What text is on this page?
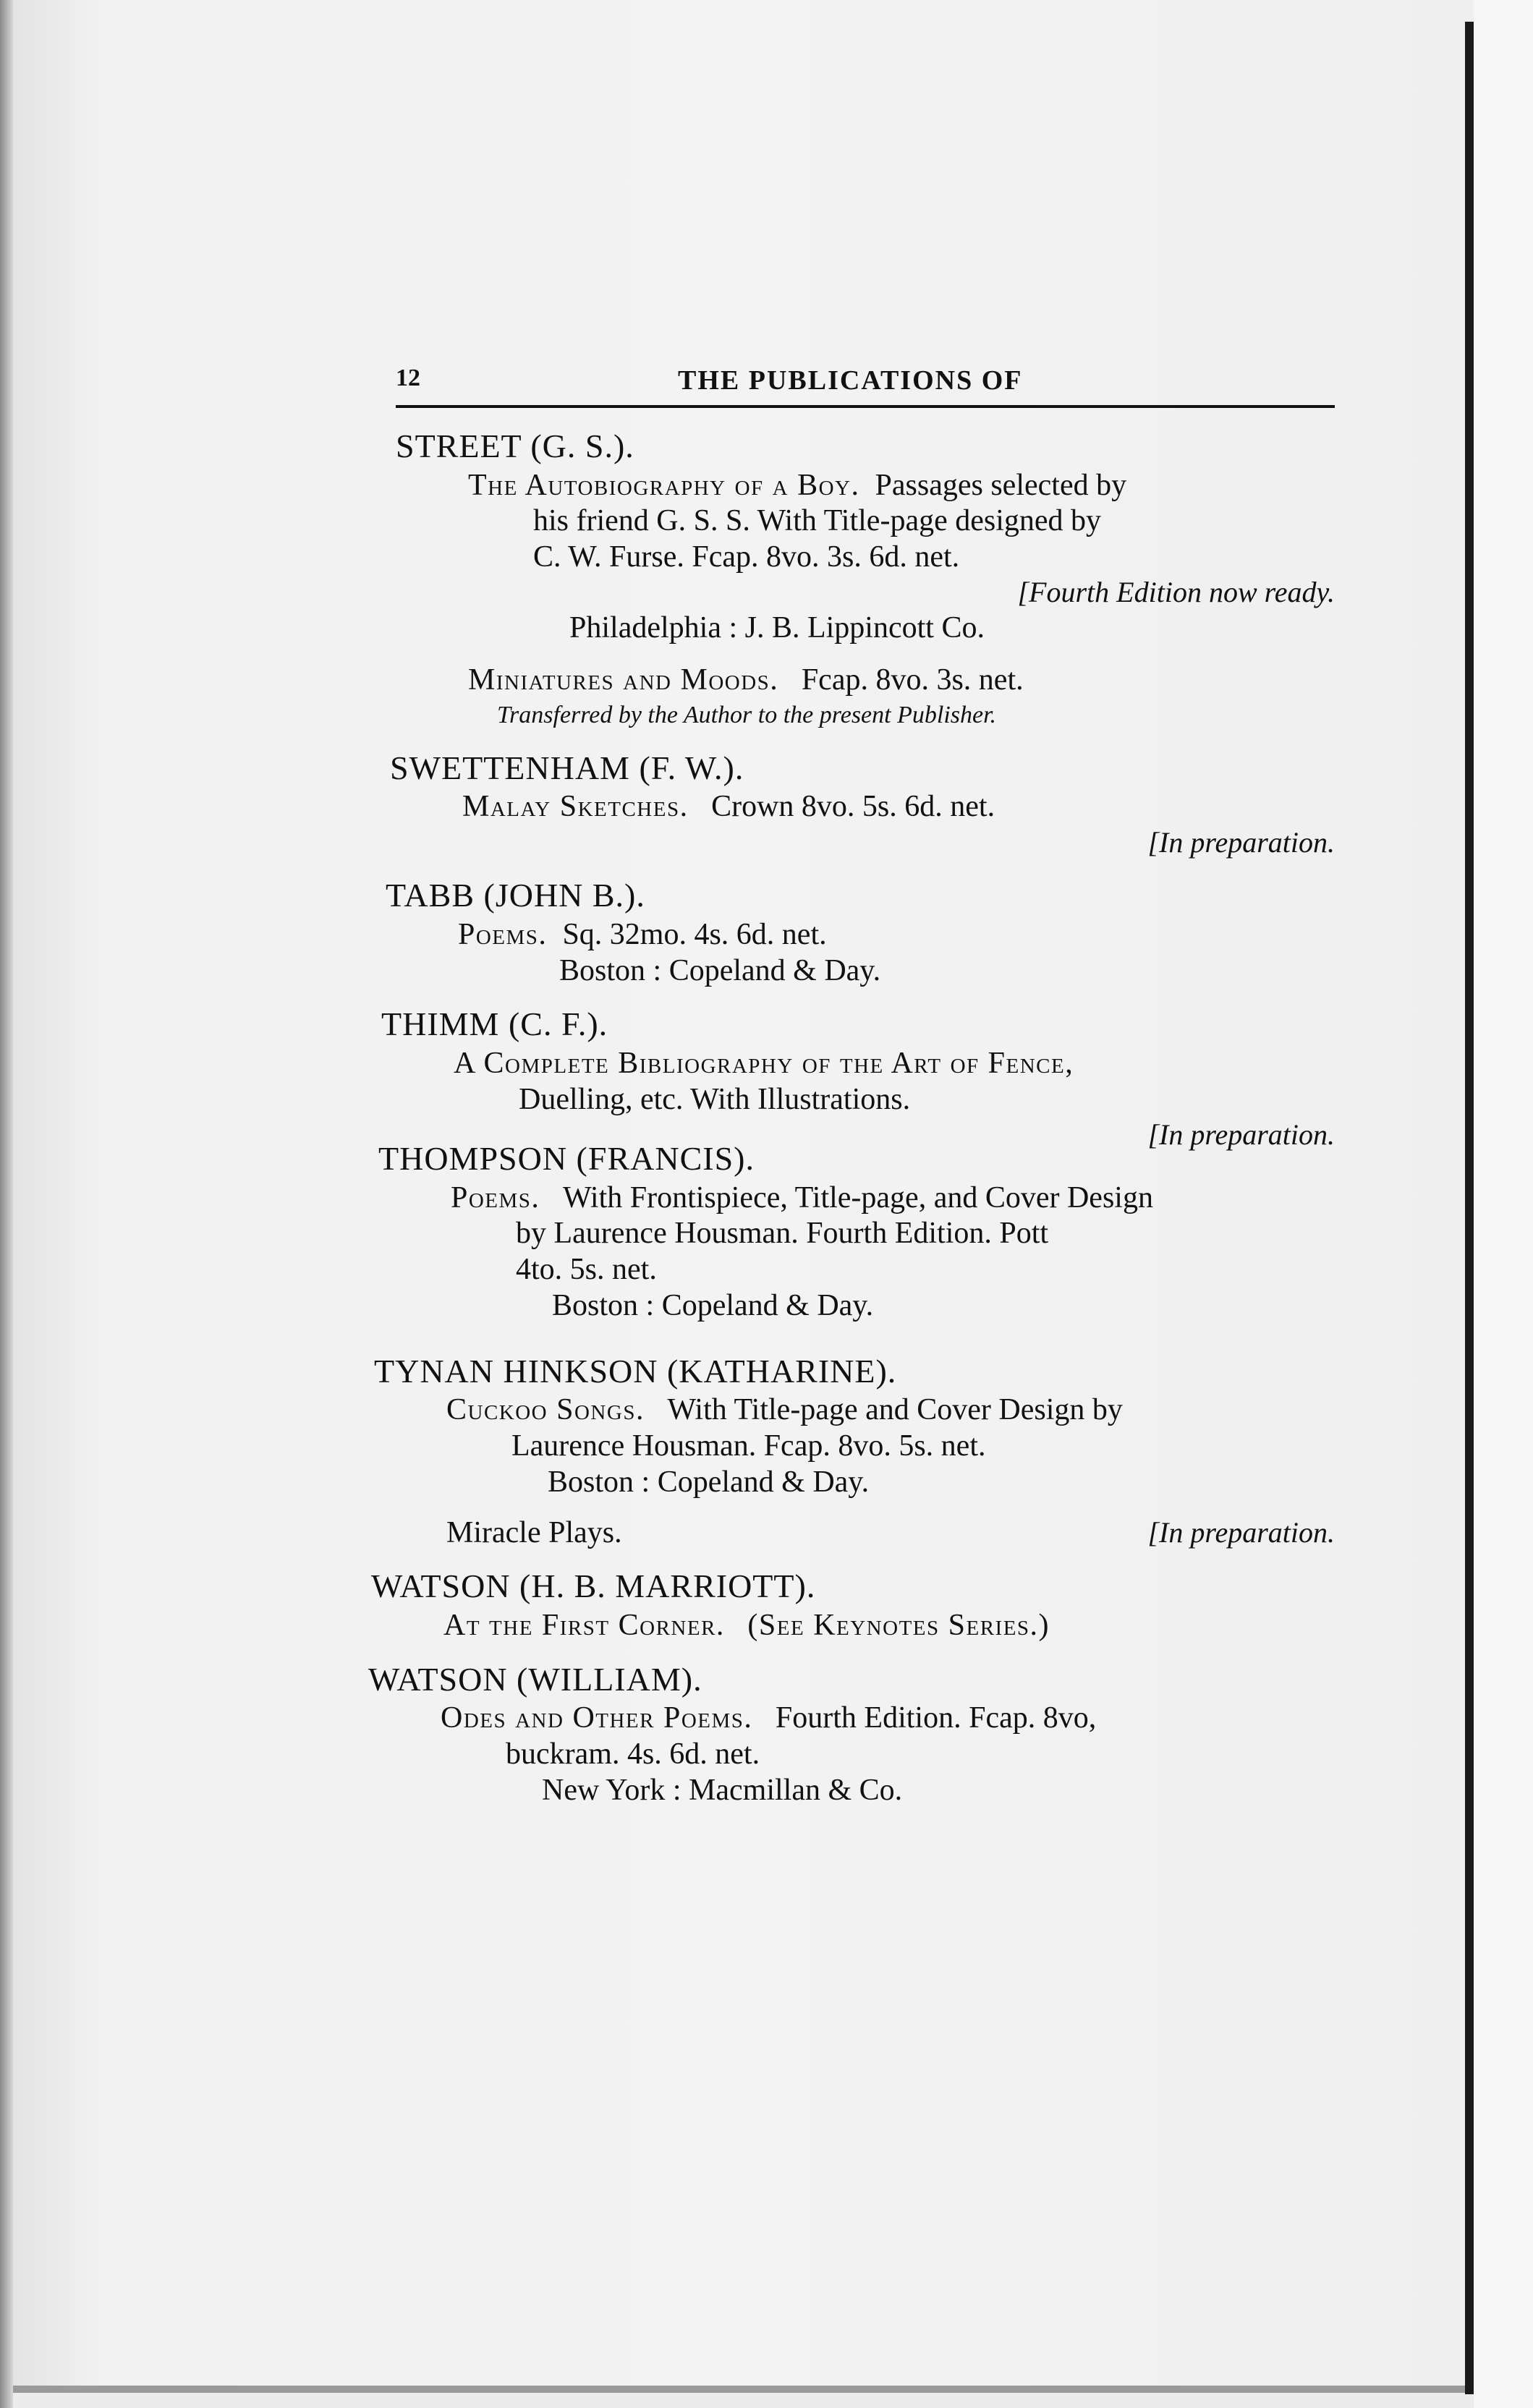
12	THE PUBLICATIONS OF
STREET (G. S.).
The Autobiography of a Boy. Passages selected by
his friend G. S. S. With Title-page designed by
C. W. Furse. Fcap. 8vo. 3s. 6d. net.
[Fourth Edition now ready.
Philadelphia : J. B. Lippincott Co.
Miniatures and Moods. Fcap. 8vo. 3s. net.
Transferred by the Author to the present Publisher.
SWETTENHAM (F. W.).
Malay Sketches. Crown 8vo. 5s. 6d. net.
[In preparation.
TABB (JOHN B.).
Poems. Sq. 32mo. 4s. 6d. net.
Boston : Copeland & Day.
THIMM (C. F.).
A Complete Bibliography of the Art of Fence,
Duelling, etc. With Illustrations.
[In preparation.
THOMPSON (FRANCIS).
Poems. With Frontispiece, Title-page, and Cover Design
by Laurence Housman. Fourth Edition. Pott
4to. 5s. net.
Boston : Copeland & Day.
TYNAN HINKSON (KATHARINE).
Cuckoo Songs. With Title-page and Cover Design by
Laurence Housman. Fcap. 8vo. 5s. net.
Boston : Copeland & Day.
Miracle Plays.	[In preparation.
WATSON (H. B. MARRIOTT).
At the First Corner. (See Keynotes Series.)
WATSON (WILLIAM).
Odes and Other Poems. Fourth Edition. Fcap. 8vo,
buckram. 4s. 6d. net.
New York : Macmillan & Co.
